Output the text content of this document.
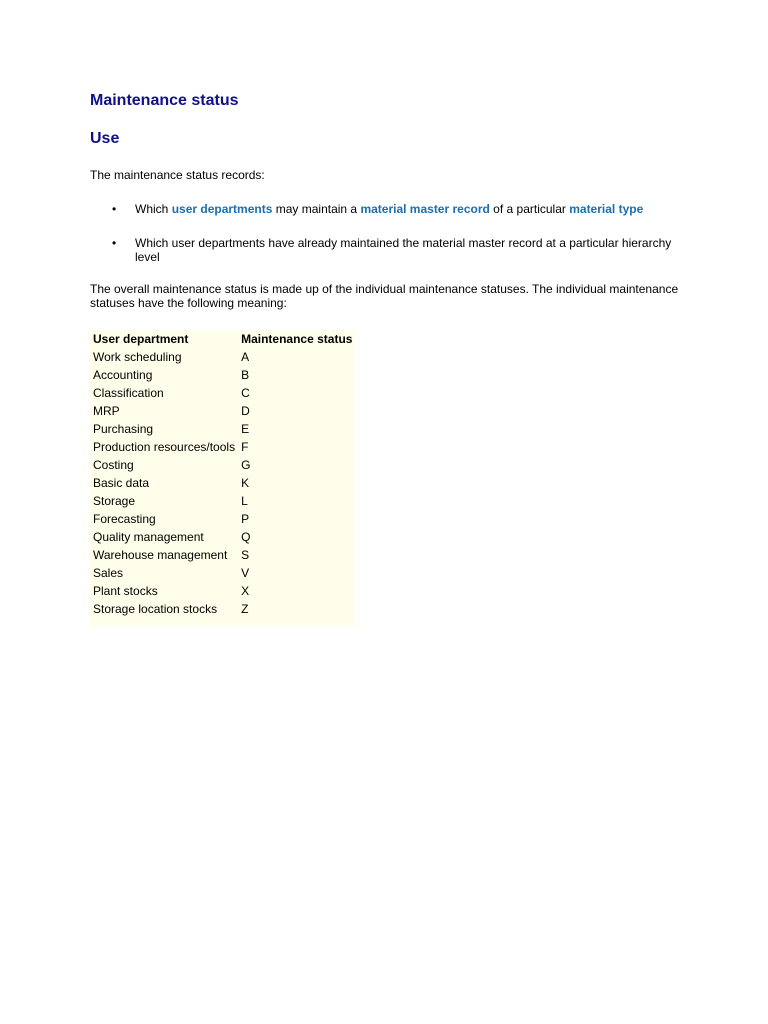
Maintenance status
Use

The maintenance status records:

• Which user departments may maintain a material master record of a particular material type
• Which user departments have already maintained the material master record at a particular hierarchy level

The overall maintenance status is made up of the individual maintenance statuses. The individual maintenance statuses have the following meaning:

User department	Maintenance status
Work scheduling	A
Accounting	B
Classification	C
MRP	D
Purchasing	E
Production resources/tools	F
Costing	G
Basic data	K
Storage	L
Forecasting	P
Quality management	Q
Warehouse management	S
Sales	V
Plant stocks	X
Storage location stocks	Z
